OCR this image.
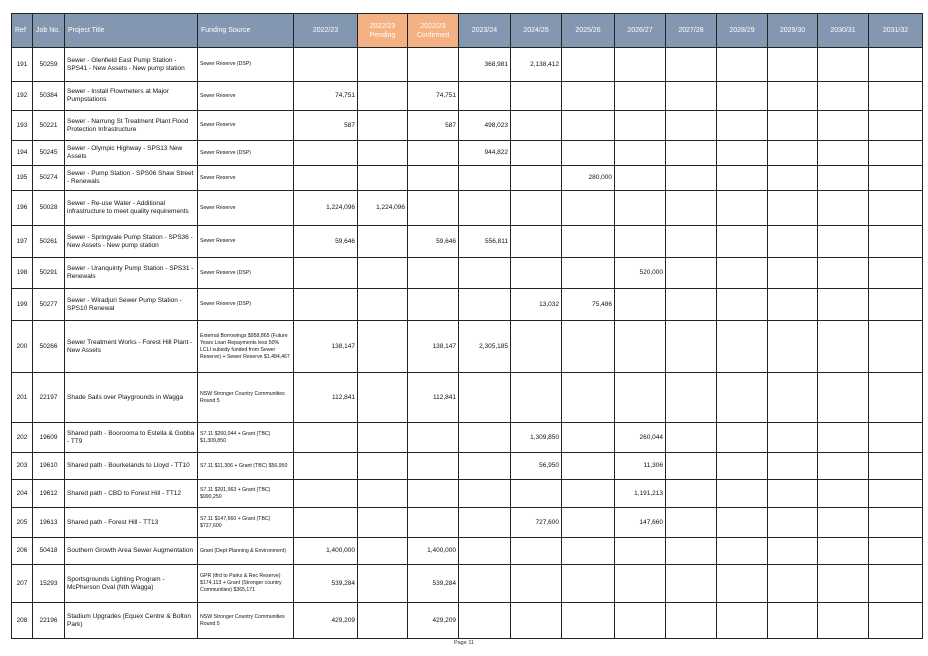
Ref	Job No.	Project Title	Funding Source	2022/23	2022/23 Pending	2022/23 Confirmed	2023/24	2024/25	2025/26	2026/27	2027/28	2028/29	2029/30	2030/31	2031/32
191	50259	Sewer - Glenfield East Pump Station - SPS41 - New Assets - New pump station	Sewer Reserve (DSP)				368,981	2,138,412							
192	50384	Sewer - Install Flowmeters at Major Pumpstations	Sewer Reserve	74,751		74,751									
193	50221	Sewer - Narrung St Treatment Plant Flood Protection Infrastructure	Sewer Reserve	587		587	498,023								
194	50245	Sewer - Olympic Highway - SPS13 New Assets	Sewer Reserve (DSP)				944,822								
195	50274	Sewer - Pump Station - SPS06 Shaw Street - Renewals	Sewer Reserve						280,000						
196	50028	Sewer - Re-use Water - Additional infrastructure to meet quality requirements	Sewer Reserve	1,224,096	1,224,096										
197	50261	Sewer - Springvale Pump Station - SPS36 - New Assets - New pump station	Sewer Reserve	59,646		59,646	556,811								
198	50291	Sewer - Uranquinty Pump Station - SPS31 - Renewals	Sewer Reserve (DSP)							520,000					
199	50277	Sewer - Wiradjuri Sewer Pump Station - SPS10 Renewal	Sewer Reserve (DSP)					13,032	75,486						
200	50266	Sewer Treatment Works - Forest Hill Plant - New Assets	External Borrowings $958,865 (Future Years Loan Repayments less 50% LCLI subsidy funded from Sewer Reserve) + Sewer Reserve $1,484,467	138,147		138,147	2,305,185								
201	22197	Shade Sails over Playgrounds in Wagga	NSW Stronger Country Communities Round 5	112,841		112,841									
202	19609	Shared path - Boorooma to Estella & Gobba - TT9	S7.11 $260,044 + Grant (TBC) $1,309,850					1,309,850		260,044					
203	19610	Shared path - Bourkelands to Lloyd - TT10	S7.11 $11,306 + Grant (TBC) $56,950					56,950		11,306					
204	19612	Shared path - CBD to Forest Hill - TT12	S7.11 $201,963 + Grant (TBC) $990,250							1,191,213					
205	19613	Shared path - Forest Hill - TT13	S7.11 $147,660 + Grant (TBC) $727,600					727,600		147,660					
206	50418	Southern Growth Area Sewer Augmentation	Grant (Dept Planning & Environment)	1,400,000		1,400,000									
207	15293	Sportsgrounds Lighting Program - McPherson Oval (Nth Wagga)	GPR (tfrd to Parks & Rec Reserve) $174,113 + Grant (Stronger country Communities) $365,171	539,284		539,284									
208	22196	Stadium Upgrades (Equex Centre & Bolton Park)	NSW Stronger Country Communities Round 5	429,209		429,209									
Page 11
